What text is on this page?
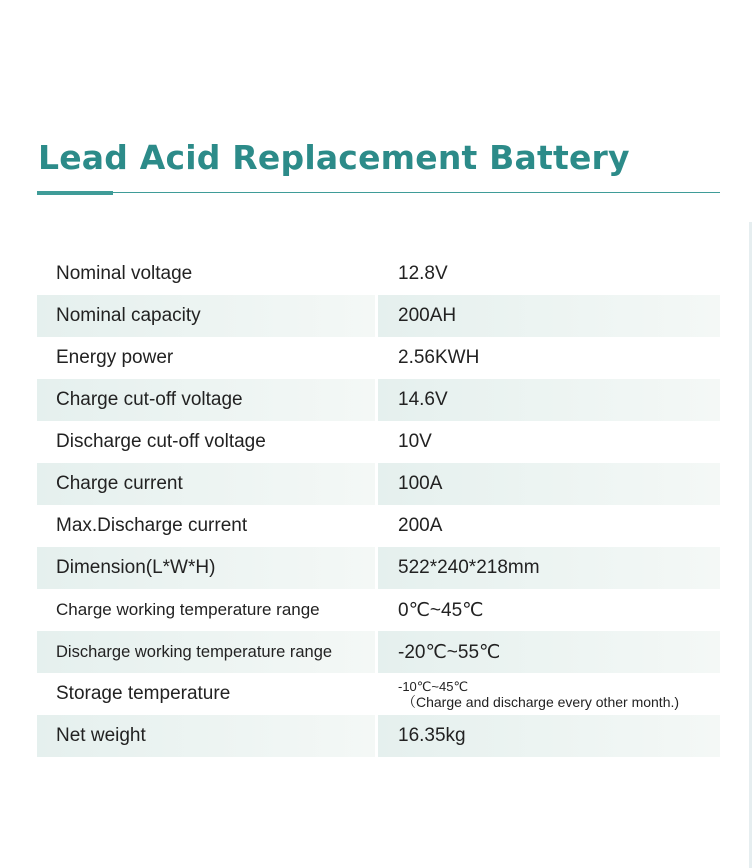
Lead Acid Replacement Battery
Nominal voltage	12.8V
Nominal capacity	200AH
Energy power	2.56KWH
Charge cut-off voltage	14.6V
Discharge cut-off voltage	10V
Charge current	100A
Max.Discharge current	200A
Dimension(L*W*H)	522*240*218mm
Charge working temperature range	0℃~45℃
Discharge working temperature range	-20℃~55℃
Storage temperature	-10℃~45℃
（Charge and discharge every other month.)
Net weight	16.35kg
